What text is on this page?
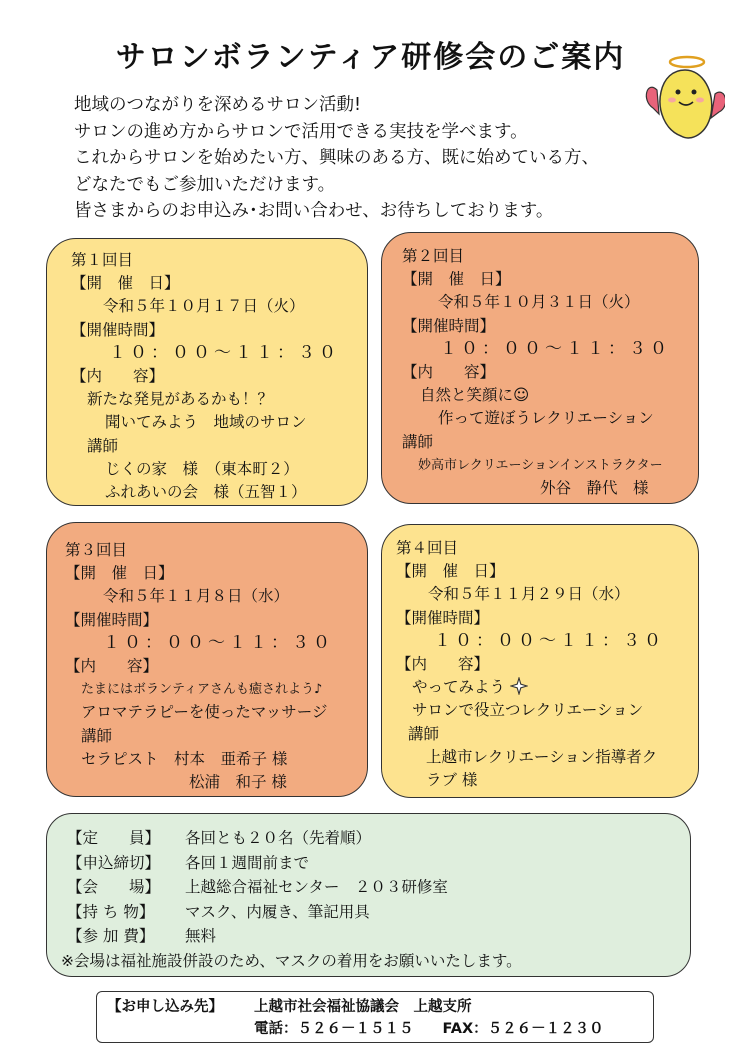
サロンボランティア研修会のご案内
地域のつながりを深めるサロン活動!
サロンの進め方からサロンで活用できる実技を学べます。
これからサロンを始めたい方、興味のある方、既に始めている方、
どなたでもご参加いただけます。
皆さまからのお申込み･お問い合わせ、お待ちしております。
第１回目
【開　催　日】
令和５年１０月１７日（火）
【開催時間】
１０：００～１１：３０
【内　　容】
新たな発見があるかも！？
聞いてみよう　地域のサロン
講師
じくの家　様　（東本町２）
ふれあいの会　様（五智１）
第２回目
【開　催　日】
令和５年１０月３１日（火）
【開催時間】
１０：００～１１：３０
【内　　容】
自然と笑顔に☺
作って遊ぼうレクリエーション
講師
妙高市レクリエーションインストラクター
外谷　静代　様
第３回目
【開　催　日】
令和５年１１月８日（水）
【開催時間】
１０：００～１１：３０
【内　　容】
たまにはボランティアさんも癒されよう♪
アロマテラピーを使ったマッサージ
講師
セラピスト　村本　亜希子 様
松浦　和子 様
第４回目
【開　催　日】
令和５年１１月２９日（水）
【開催時間】
１０：００～１１：３０
【内　　容】
やってみよう
サロンで役立つレクリエーション
講師
上越市レクリエーション指導者ク
ラブ 様
【定　　員】	各回とも２０名（先着順）
【申込締切】	各回１週間前まで
【会　　場】	上越総合福祉センター　２０３研修室
【持 ち 物】	マスク、内履き、筆記用具
【参 加 費】	無料
※会場は福祉施設併設のため、マスクの着用をお願いいたします。
【お申し込み先】	上越市社会福祉協議会　上越支所
電話：５２６－１５１５　　FAX：５２６－１２３０
